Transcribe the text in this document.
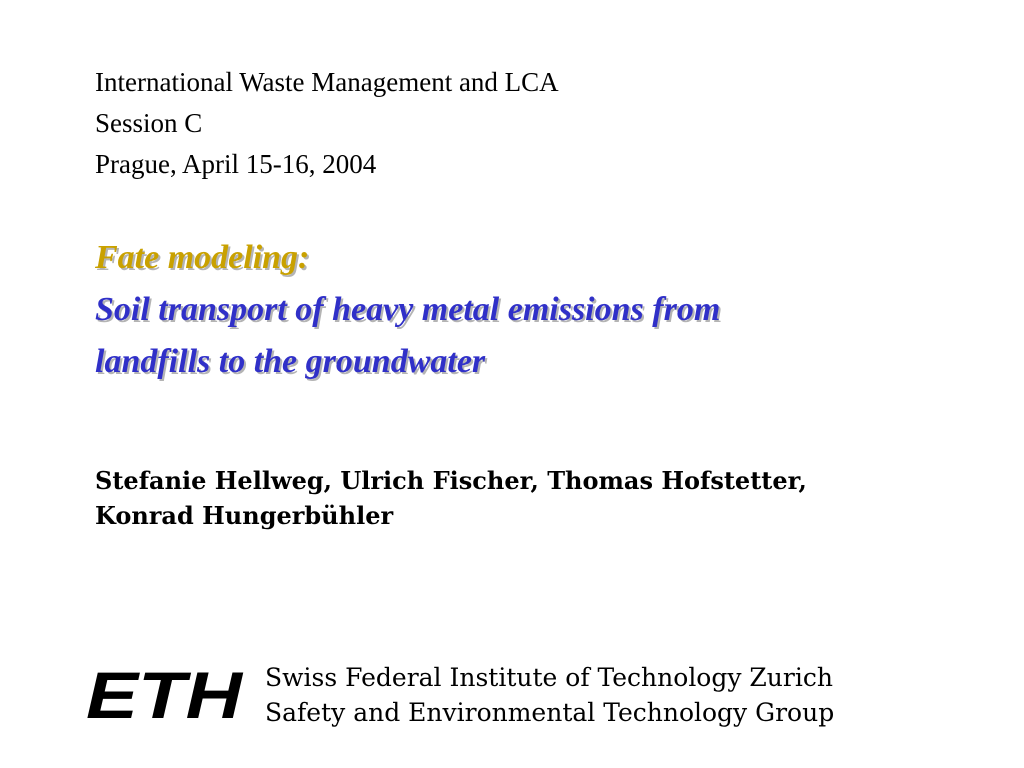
International Waste Management and LCA
Session C
Prague, April 15-16, 2004
Fate modeling:
Soil transport of heavy metal emissions from
landfills to the groundwater
Stefanie Hellweg, Ulrich Fischer, Thomas Hofstetter,
Konrad Hungerbühler
ETH Swiss Federal Institute of Technology Zurich
Safety and Environmental Technology Group
